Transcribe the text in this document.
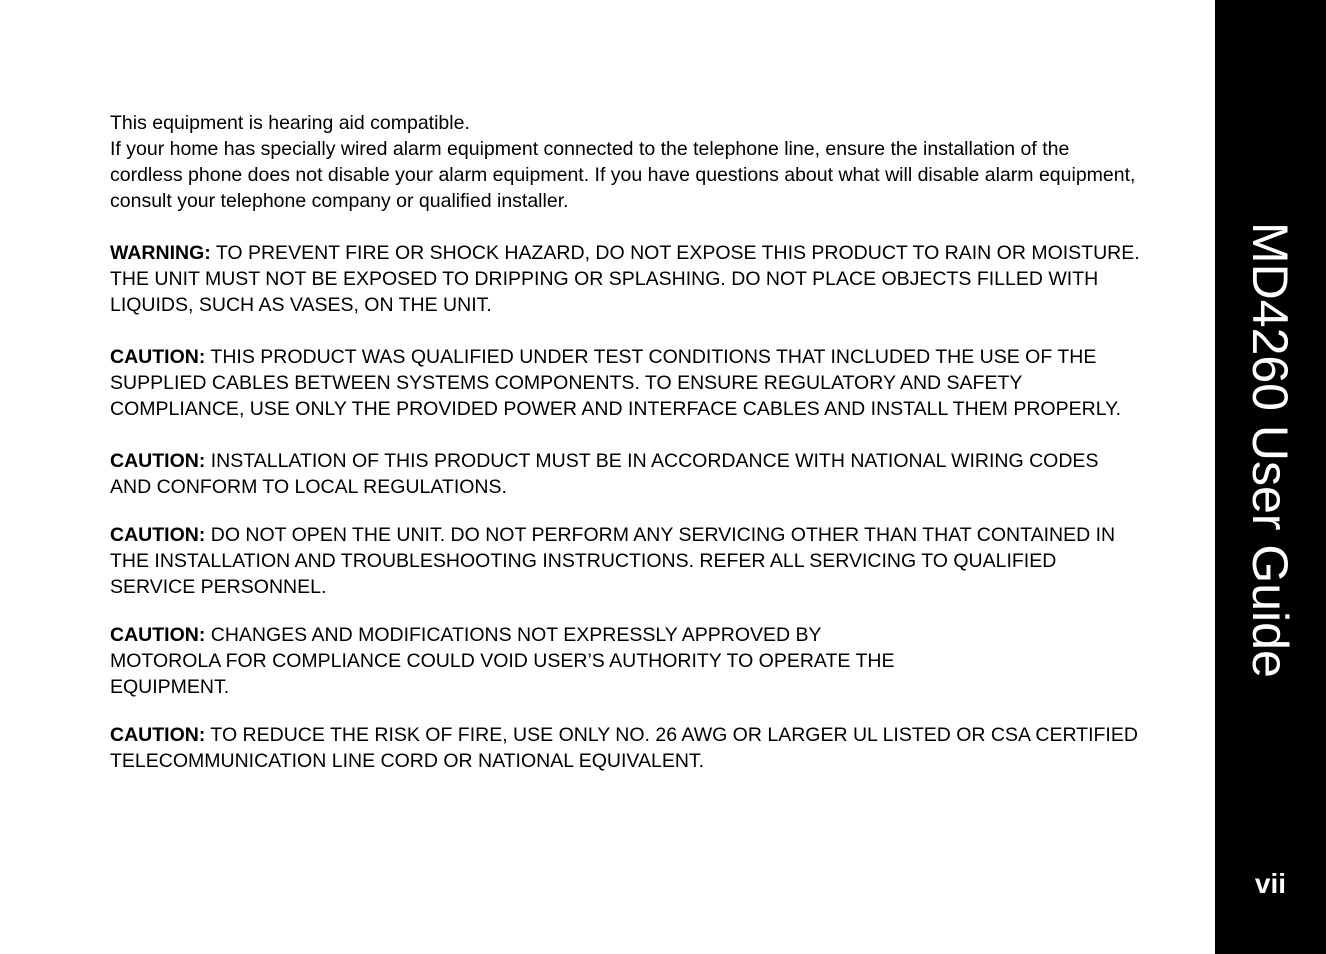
This equipment is hearing aid compatible.

If your home has specially wired alarm equipment connected to the telephone line, ensure the installation of the cordless phone does not disable your alarm equipment. If you have questions about what will disable alarm equipment, consult your telephone company or qualified installer.

WARNING: TO PREVENT FIRE OR SHOCK HAZARD, DO NOT EXPOSE THIS PRODUCT TO RAIN OR MOISTURE. THE UNIT MUST NOT BE EXPOSED TO DRIPPING OR SPLASHING. DO NOT PLACE OBJECTS FILLED WITH LIQUIDS, SUCH AS VASES, ON THE UNIT.

CAUTION: THIS PRODUCT WAS QUALIFIED UNDER TEST CONDITIONS THAT INCLUDED THE USE OF THE SUPPLIED CABLES BETWEEN SYSTEMS COMPONENTS. TO ENSURE REGULATORY AND SAFETY COMPLIANCE, USE ONLY THE PROVIDED POWER AND INTERFACE CABLES AND INSTALL THEM PROPERLY.

CAUTION: INSTALLATION OF THIS PRODUCT MUST BE IN ACCORDANCE WITH NATIONAL WIRING CODES AND CONFORM TO LOCAL REGULATIONS.

CAUTION: DO NOT OPEN THE UNIT. DO NOT PERFORM ANY SERVICING OTHER THAN THAT CONTAINED IN THE INSTALLATION AND TROUBLESHOOTING INSTRUCTIONS. REFER ALL SERVICING TO QUALIFIED SERVICE PERSONNEL.

CAUTION: CHANGES AND MODIFICATIONS NOT EXPRESSLY APPROVED BY
MOTOROLA FOR COMPLIANCE COULD VOID USER’S AUTHORITY TO OPERATE THE
EQUIPMENT.

CAUTION: TO REDUCE THE RISK OF FIRE, USE ONLY NO. 26 AWG OR LARGER UL LISTED OR CSA CERTIFIED TELECOMMUNICATION LINE CORD OR NATIONAL EQUIVALENT.

MD4260 User Guide
vii
